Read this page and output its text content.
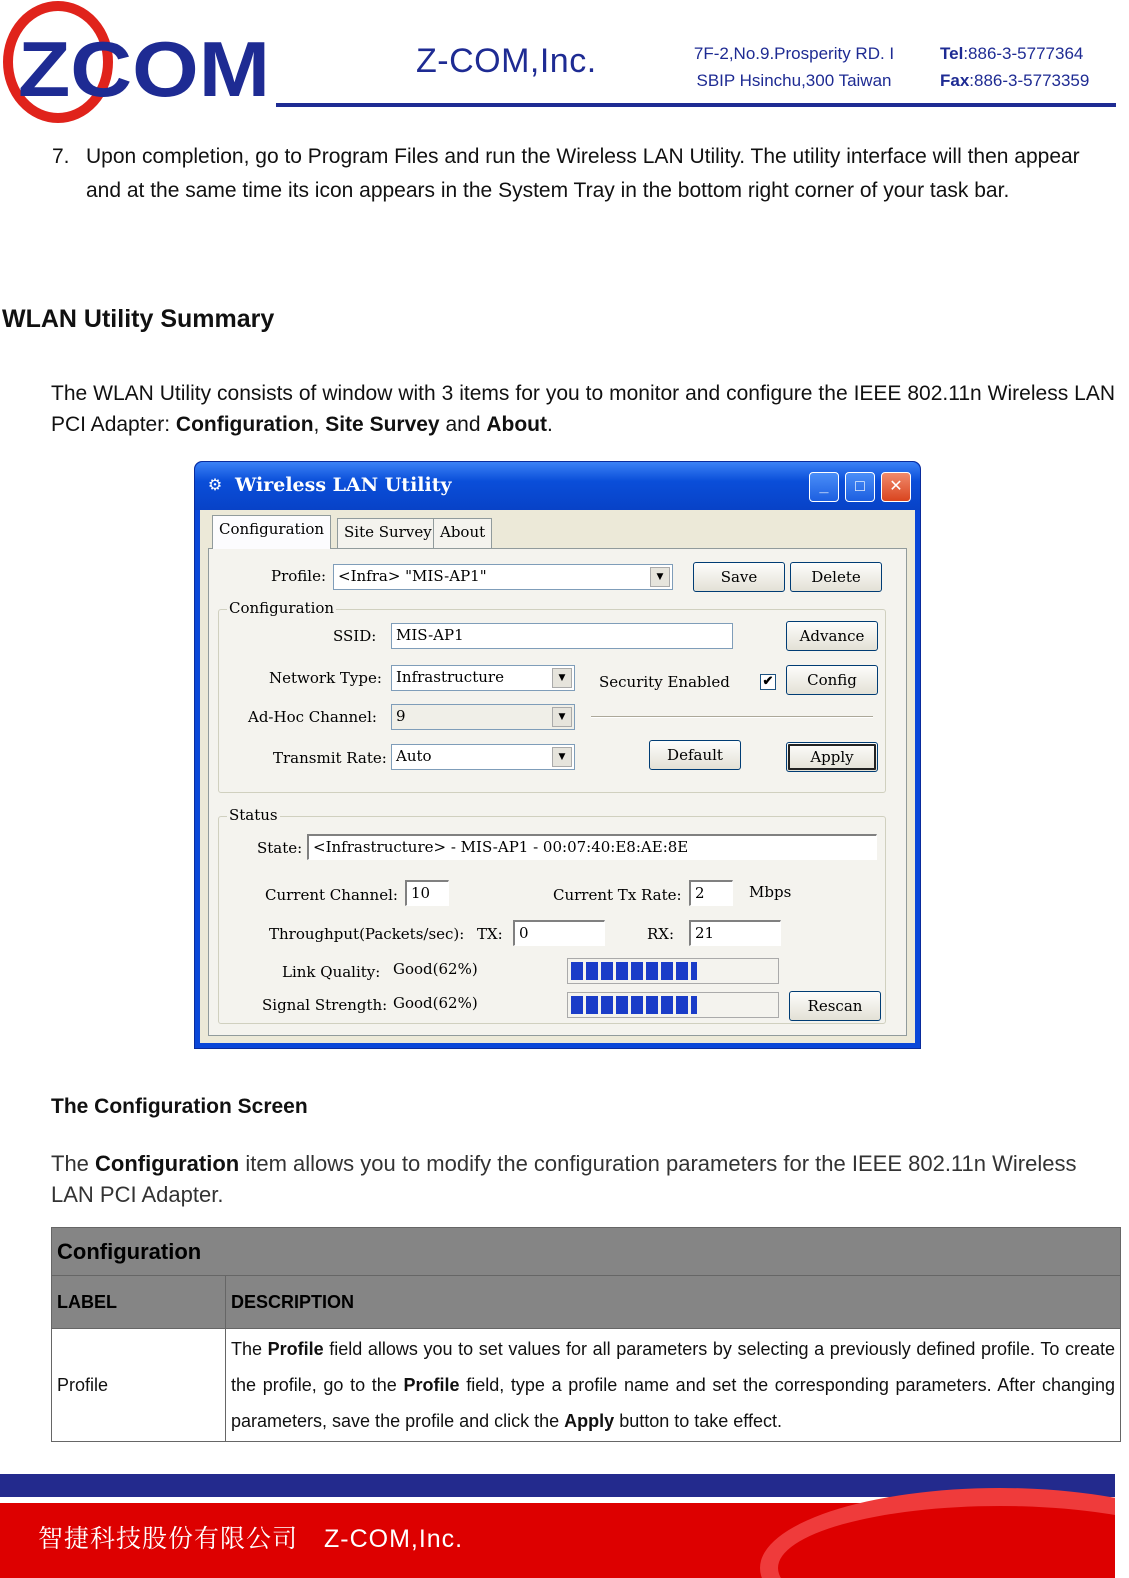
ZCOM	Z-COM,Inc.	7F-2,No.9.Prosperity RD. I
SBIP Hsinchu,300 Taiwan
Tel:886-3-5777364
Fax:886-3-5773359
7. Upon completion, go to Program Files and run the Wireless LAN Utility. The utility interface will then appear and at the same time its icon appears in the System Tray in the bottom right corner of your task bar.
WLAN Utility Summary
The WLAN Utility consists of window with 3 items for you to monitor and configure the IEEE 802.11n Wireless LAN PCI Adapter: Configuration, Site Survey and About.
⚙ Wireless LAN Utility	_	□	✕
Configuration	Site Survey About
Profile: <Infra> "MIS-AP1"	▼	Save	Delete
Configuration
SSID:	MIS-AP1	Advance
Network Type: Infrastructure	▼	Security Enabled	✔	Config
Ad-Hoc Channel:	9	▼
Transmit Rate: Auto	▼	Default	Apply
Status
State: <Infrastructure> - MIS-AP1 - 00:07:40:E8:AE:8E
Current Channel: 10	Current Tx Rate: 2	Mbps
Throughput(Packets/sec): TX:	0	RX:	21
Link Quality: Good(62%)
Signal Strength: Good(62%)	Rescan
The Configuration Screen
The Configuration item allows you to modify the configuration parameters for the IEEE 802.11n Wireless LAN PCI Adapter.
Configuration	
LABEL	DESCRIPTION
Profile	The Profile field allows you to set values for all parameters by selecting a previously defined profile. To create the profile, go to the Profile field, type a profile name and set the corresponding parameters. After changing parameters, save the profile and click the Apply button to take effect.
智捷科技股份有限公司 Z-COM,Inc.
